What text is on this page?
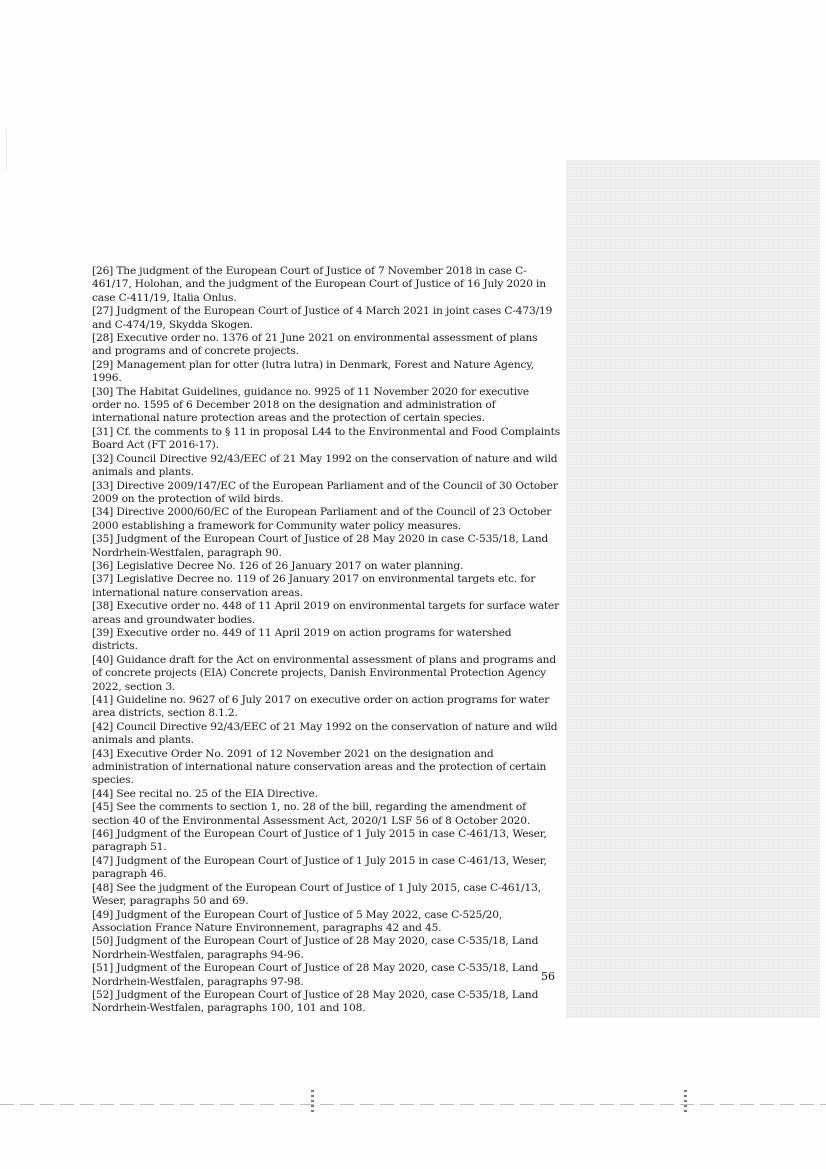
[26] The judgment of the European Court of Justice of 7 November 2018 in case C-461/17, Holohan, and the judgment of the European Court of Justice of 16 July 2020 in case C-411/19, Italia Onlus.

[27] Judgment of the European Court of Justice of 4 March 2021 in joint cases C-473/19 and C-474/19, Skydda Skogen.

[28] Executive order no. 1376 of 21 June 2021 on environmental assessment of plans and programs and of concrete projects.

[29] Management plan for otter (lutra lutra) in Denmark, Forest and Nature Agency, 1996.

[30] The Habitat Guidelines, guidance no. 9925 of 11 November 2020 for executive order no. 1595 of 6 December 2018 on the designation and administration of international nature protection areas and the protection of certain species.

[31] Cf. the comments to § 11 in proposal L44 to the Environmental and Food Complaints Board Act (FT 2016-17).

[32] Council Directive 92/43/EEC of 21 May 1992 on the conservation of nature and wild animals and plants.

[33] Directive 2009/147/EC of the European Parliament and of the Council of 30 October 2009 on the protection of wild birds.

[34] Directive 2000/60/EC of the European Parliament and of the Council of 23 October 2000 establishing a framework for Community water policy measures.

[35] Judgment of the European Court of Justice of 28 May 2020 in case C-535/18, Land Nordrhein-Westfalen, paragraph 90.

[36] Legislative Decree No. 126 of 26 January 2017 on water planning.

[37] Legislative Decree no. 119 of 26 January 2017 on environmental targets etc. for international nature conservation areas.

[38] Executive order no. 448 of 11 April 2019 on environmental targets for surface water areas and groundwater bodies.

[39] Executive order no. 449 of 11 April 2019 on action programs for watershed districts.

[40] Guidance draft for the Act on environmental assessment of plans and programs and of concrete projects (EIA) Concrete projects, Danish Environmental Protection Agency 2022, section 3.

[41] Guideline no. 9627 of 6 July 2017 on executive order on action programs for water area districts, section 8.1.2.

[42] Council Directive 92/43/EEC of 21 May 1992 on the conservation of nature and wild animals and plants.

[43] Executive Order No. 2091 of 12 November 2021 on the designation and administration of international nature conservation areas and the protection of certain species.

[44] See recital no. 25 of the EIA Directive.

[45] See the comments to section 1, no. 28 of the bill, regarding the amendment of section 40 of the Environmental Assessment Act, 2020/1 LSF 56 of 8 October 2020.

[46] Judgment of the European Court of Justice of 1 July 2015 in case C-461/13, Weser, paragraph 51.

[47] Judgment of the European Court of Justice of 1 July 2015 in case C-461/13, Weser, paragraph 46.

[48] See the judgment of the European Court of Justice of 1 July 2015, case C-461/13, Weser, paragraphs 50 and 69.

[49] Judgment of the European Court of Justice of 5 May 2022, case C-525/20, Association France Nature Environnement, paragraphs 42 and 45.

[50] Judgment of the European Court of Justice of 28 May 2020, case C-535/18, Land Nordrhein-Westfalen, paragraphs 94-96.

[51] Judgment of the European Court of Justice of 28 May 2020, case C-535/18, Land Nordrhein-Westfalen, paragraphs 97-98.

[52] Judgment of the European Court of Justice of 28 May 2020, case C-535/18, Land Nordrhein-Westfalen, paragraphs 100, 101 and 108.

56
